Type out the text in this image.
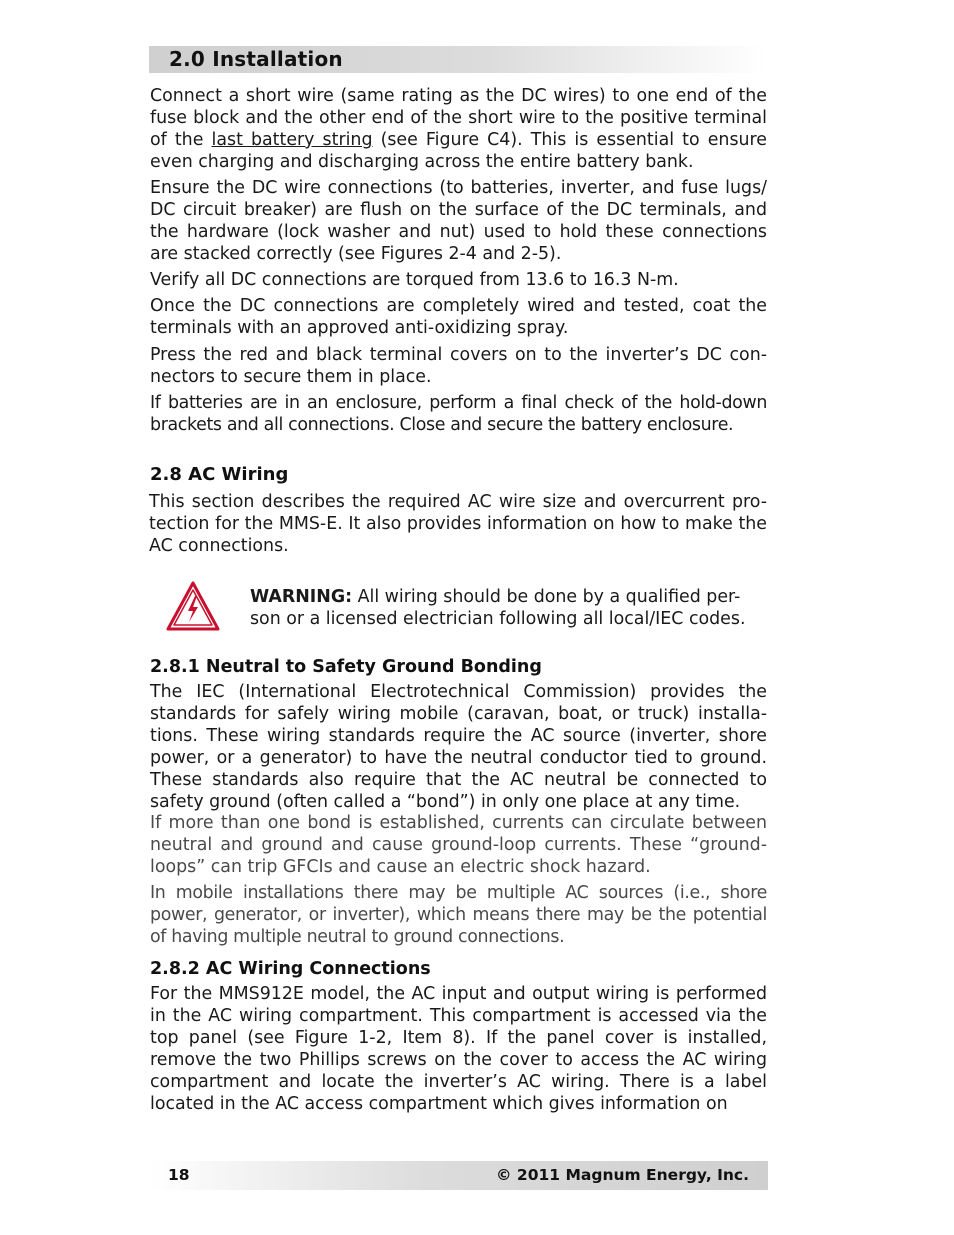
2.0 Installation

Connect a short wire (same rating as the DC wires) to one end of the fuse block and the other end of the short wire to the positive terminal of the last battery string (see Figure C4). This is essential to ensure even charging and discharging across the entire battery bank.

Ensure the DC wire connections (to batteries, inverter, and fuse lugs/ DC circuit breaker) are flush on the surface of the DC terminals, and the hardware (lock washer and nut) used to hold these connections are stacked correctly (see Figures 2-4 and 2-5).

Verify all DC connections are torqued from 13.6 to 16.3 N-m.

Once the DC connections are completely wired and tested, coat the terminals with an approved anti-oxidizing spray.

Press the red and black terminal covers on to the inverter’s DC con-nectors to secure them in place.

If batteries are in an enclosure, perform a final check of the hold-down brackets and all connections. Close and secure the battery enclosure.

2.8 AC Wiring

This section describes the required AC wire size and overcurrent pro-tection for the MMS-E. It also provides information on how to make the AC connections.

WARNING: All wiring should be done by a qualified per-son or a licensed electrician following all local/IEC codes.

2.8.1 Neutral to Safety Ground Bonding

The IEC (International Electrotechnical Commission) provides the standards for safely wiring mobile (caravan, boat, or truck) installa-tions. These wiring standards require the AC source (inverter, shore power, or a generator) to have the neutral conductor tied to ground. These standards also require that the AC neutral be connected to safety ground (often called a “bond”) in only one place at any time.

If more than one bond is established, currents can circulate between neutral and ground and cause ground-loop currents. These “ground-loops” can trip GFCIs and cause an electric shock hazard.

In mobile installations there may be multiple AC sources (i.e., shore power, generator, or inverter), which means there may be the potential of having multiple neutral to ground connections.

2.8.2 AC Wiring Connections

For the MMS912E model, the AC input and output wiring is performed in the AC wiring compartment. This compartment is accessed via the top panel (see Figure 1-2, Item 8). If the panel cover is installed, remove the two Phillips screws on the cover to access the AC wiring compartment and locate the inverter’s AC wiring. There is a label located in the AC access compartment which gives information on

18	© 2011 Magnum Energy, Inc.
